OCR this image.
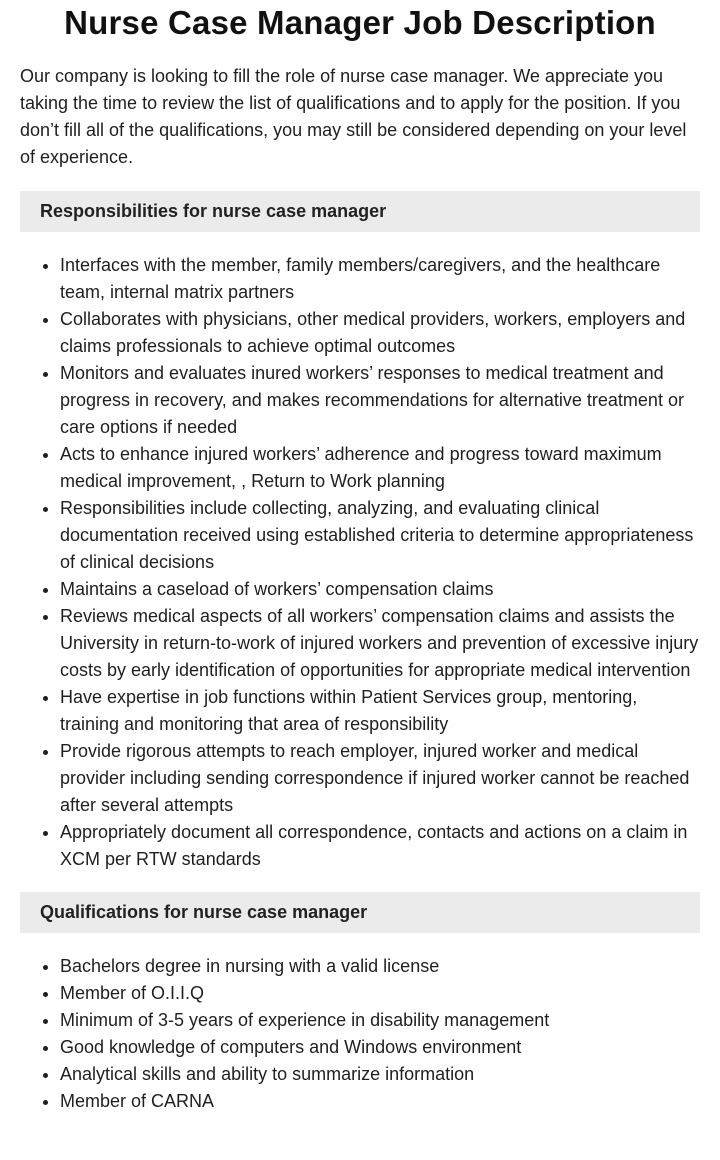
Nurse Case Manager Job Description

Our company is looking to fill the role of nurse case manager. We appreciate you taking the time to review the list of qualifications and to apply for the position. If you don’t fill all of the qualifications, you may still be considered depending on your level of experience.

Responsibilities for nurse case manager
• Interfaces with the member, family members/caregivers, and the healthcare team, internal matrix partners
• Collaborates with physicians, other medical providers, workers, employers and claims professionals to achieve optimal outcomes
• Monitors and evaluates inured workers’ responses to medical treatment and progress in recovery, and makes recommendations for alternative treatment or care options if needed
• Acts to enhance injured workers’ adherence and progress toward maximum medical improvement, , Return to Work planning
• Responsibilities include collecting, analyzing, and evaluating clinical documentation received using established criteria to determine appropriateness of clinical decisions
• Maintains a caseload of workers’ compensation claims
• Reviews medical aspects of all workers’ compensation claims and assists the University in return-to-work of injured workers and prevention of excessive injury costs by early identification of opportunities for appropriate medical intervention
• Have expertise in job functions within Patient Services group, mentoring, training and monitoring that area of responsibility
• Provide rigorous attempts to reach employer, injured worker and medical provider including sending correspondence if injured worker cannot be reached after several attempts
• Appropriately document all correspondence, contacts and actions on a claim in XCM per RTW standards
Qualifications for nurse case manager
• Bachelors degree in nursing with a valid license
• Member of O.I.I.Q
• Minimum of 3-5 years of experience in disability management
• Good knowledge of computers and Windows environment
• Analytical skills and ability to summarize information
• Member of CARNA
